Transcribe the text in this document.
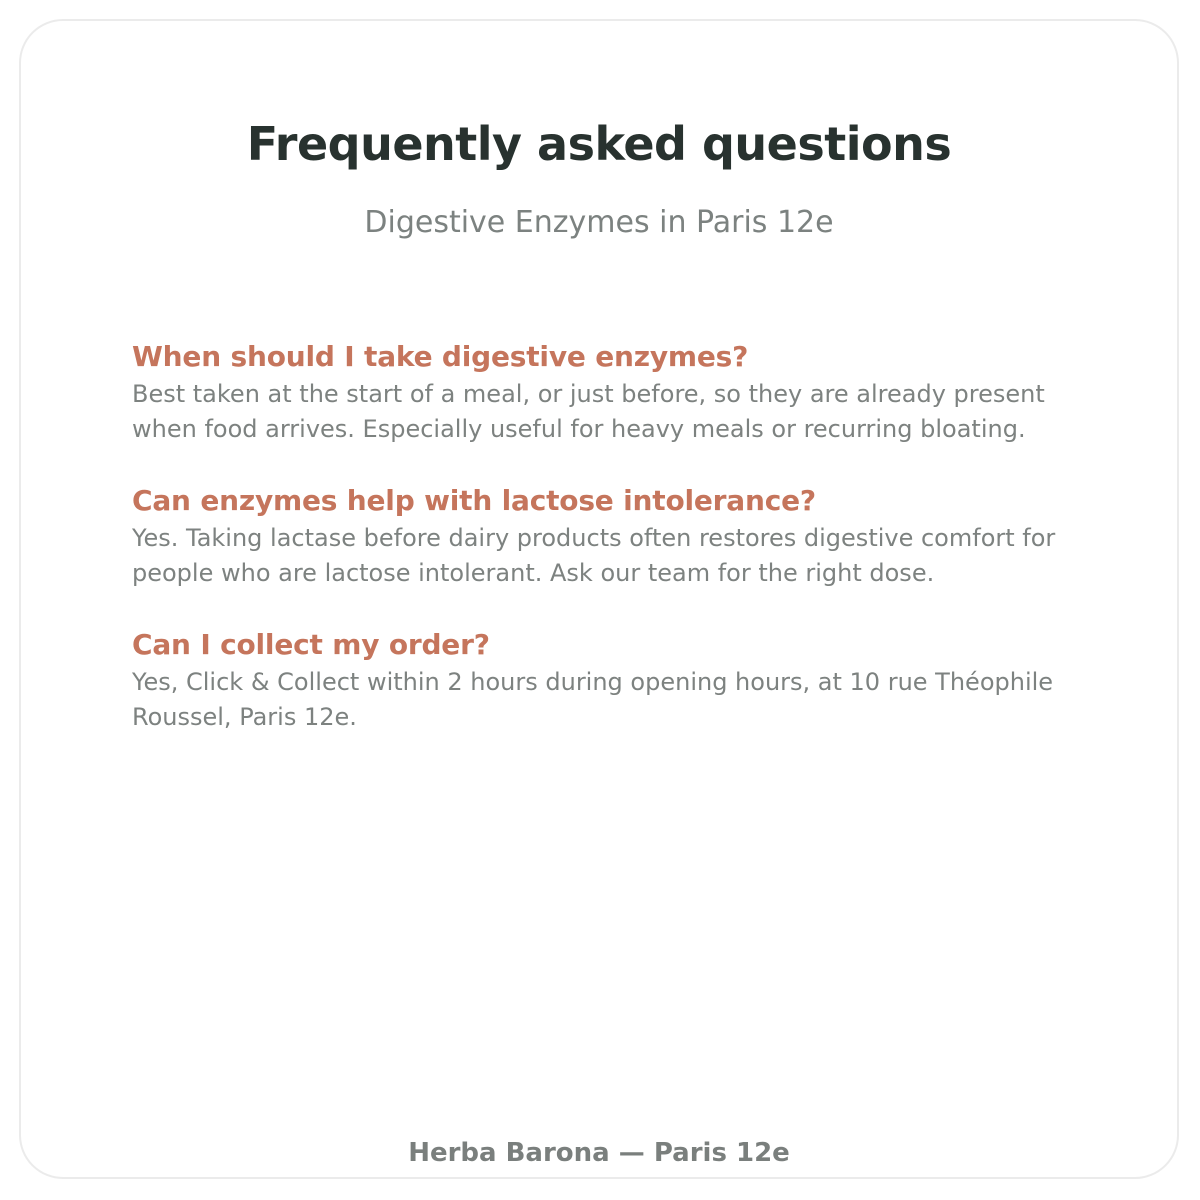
Frequently asked questions

Digestive Enzymes in Paris 12e

When should I take digestive enzymes?

Best taken at the start of a meal, or just before, so they are already present when food arrives. Especially useful for heavy meals or recurring bloating.

Can enzymes help with lactose intolerance?

Yes. Taking lactase before dairy products often restores digestive comfort for people who are lactose intolerant. Ask our team for the right dose.

Can I collect my order?

Yes, Click & Collect within 2 hours during opening hours, at 10 rue Théophile Roussel, Paris 12e.

Herba Barona — Paris 12e
